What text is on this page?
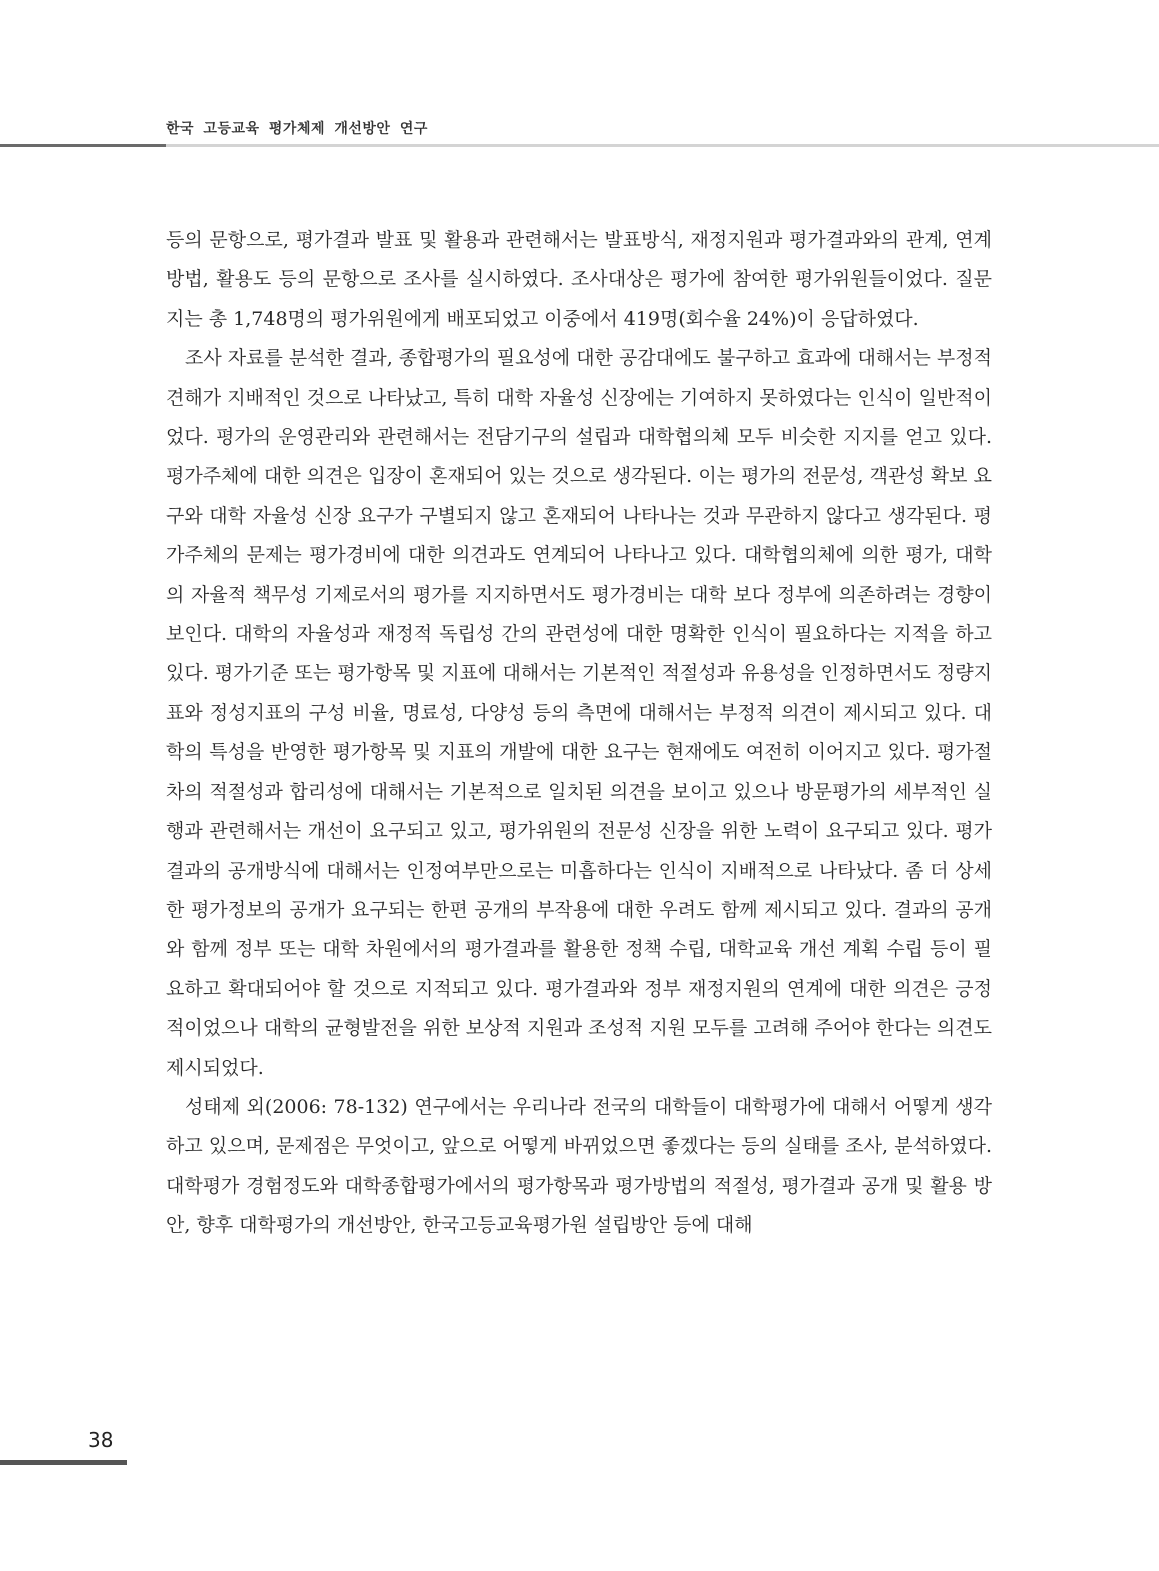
한국 고등교육 평가체제 개선방안 연구

등의 문항으로, 평가결과 발표 및 활용과 관련해서는 발표방식, 재정지원과 평가결과와의 관계, 연계방법, 활용도 등의 문항으로 조사를 실시하였다. 조사대상은 평가에 참여한 평가위원들이었다. 질문지는 총 1,748명의 평가위원에게 배포되었고 이중에서 419명(회수율 24%)이 응답하였다.

조사 자료를 분석한 결과, 종합평가의 필요성에 대한 공감대에도 불구하고 효과에 대해서는 부정적 견해가 지배적인 것으로 나타났고, 특히 대학 자율성 신장에는 기여하지 못하였다는 인식이 일반적이었다. 평가의 운영관리와 관련해서는 전담기구의 설립과 대학협의체 모두 비슷한 지지를 얻고 있다. 평가주체에 대한 의견은 입장이 혼재되어 있는 것으로 생각된다. 이는 평가의 전문성, 객관성 확보 요구와 대학 자율성 신장 요구가 구별되지 않고 혼재되어 나타나는 것과 무관하지 않다고 생각된다. 평가주체의 문제는 평가경비에 대한 의견과도 연계되어 나타나고 있다. 대학협의체에 의한 평가, 대학의 자율적 책무성 기제로서의 평가를 지지하면서도 평가경비는 대학 보다 정부에 의존하려는 경향이 보인다. 대학의 자율성과 재정적 독립성 간의 관련성에 대한 명확한 인식이 필요하다는 지적을 하고 있다. 평가기준 또는 평가항목 및 지표에 대해서는 기본적인 적절성과 유용성을 인정하면서도 정량지표와 정성지표의 구성 비율, 명료성, 다양성 등의 측면에 대해서는 부정적 의견이 제시되고 있다. 대학의 특성을 반영한 평가항목 및 지표의 개발에 대한 요구는 현재에도 여전히 이어지고 있다. 평가절차의 적절성과 합리성에 대해서는 기본적으로 일치된 의견을 보이고 있으나 방문평가의 세부적인 실행과 관련해서는 개선이 요구되고 있고, 평가위원의 전문성 신장을 위한 노력이 요구되고 있다. 평가결과의 공개방식에 대해서는 인정여부만으로는 미흡하다는 인식이 지배적으로 나타났다. 좀 더 상세한 평가정보의 공개가 요구되는 한편 공개의 부작용에 대한 우려도 함께 제시되고 있다. 결과의 공개와 함께 정부 또는 대학 차원에서의 평가결과를 활용한 정책 수립, 대학교육 개선 계획 수립 등이 필요하고 확대되어야 할 것으로 지적되고 있다. 평가결과와 정부 재정지원의 연계에 대한 의견은 긍정적이었으나 대학의 균형발전을 위한 보상적 지원과 조성적 지원 모두를 고려해 주어야 한다는 의견도 제시되었다.

성태제 외(2006: 78-132) 연구에서는 우리나라 전국의 대학들이 대학평가에 대해서 어떻게 생각하고 있으며, 문제점은 무엇이고, 앞으로 어떻게 바뀌었으면 좋겠다는 등의 실태를 조사, 분석하였다. 대학평가 경험정도와 대학종합평가에서의 평가항목과 평가방법의 적절성, 평가결과 공개 및 활용 방안, 향후 대학평가의 개선방안, 한국고등교육평가원 설립방안 등에 대해

38
